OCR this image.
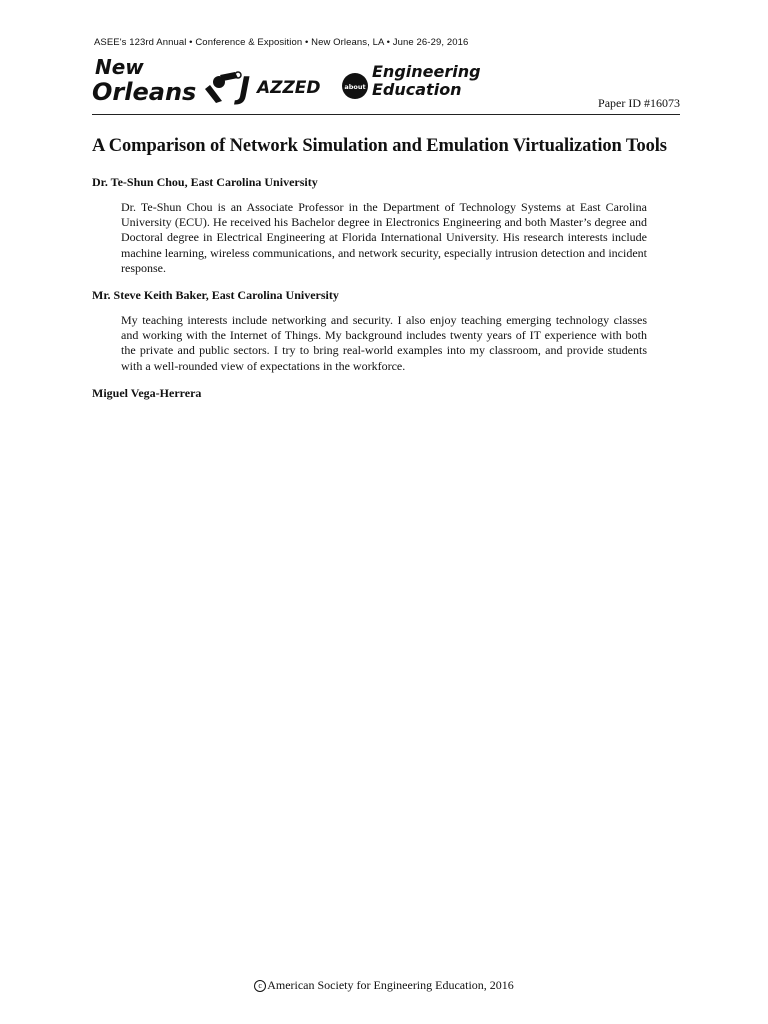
ASEE's 123rd Annual • Conference & Exposition • New Orleans, LA • June 26-29, 2016
New
Orleans J AZZED	about
Engineering
Education
Paper ID #16073
A Comparison of Network Simulation and Emulation Virtualization Tools

Dr. Te-Shun Chou, East Carolina University

Dr. Te-Shun Chou is an Associate Professor in the Department of Technology Systems at East Carolina University (ECU). He received his Bachelor degree in Electronics Engineering and both Master’s degree and Doctoral degree in Electrical Engineering at Florida International University. His research interests include machine learning, wireless communications, and network security, especially intrusion detection and incident response.

Mr. Steve Keith Baker, East Carolina University

My teaching interests include networking and security. I also enjoy teaching emerging technology classes and working with the Internet of Things. My background includes twenty years of IT experience with both the private and public sectors. I try to bring real-world examples into my classroom, and provide students with a well-rounded view of expectations in the workforce.

Miguel Vega-Herrera

c American Society for Engineering Education, 2016
